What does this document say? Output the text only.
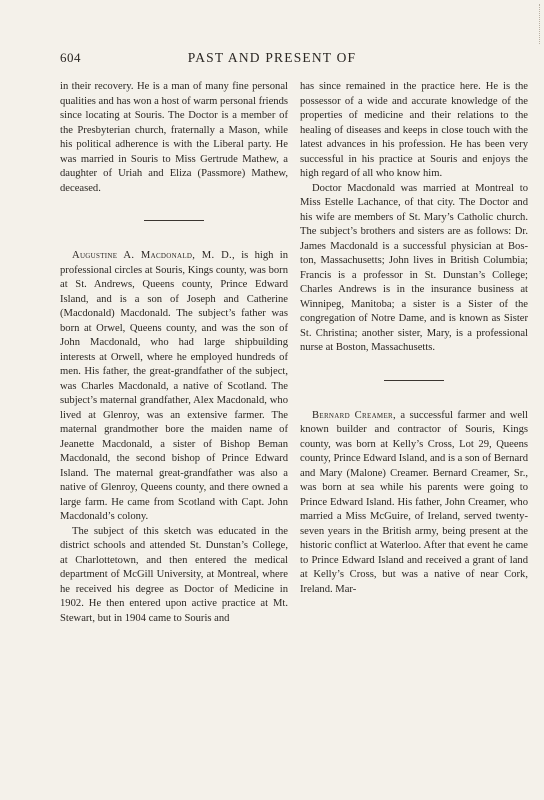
604	PAST AND PRESENT OF

in their recovery. He is a man of many fine personal qualities and has won a host of warm personal friends since locating at Souris. The Doctor is a member of the Presbyterian church, fraternally a Mason, while his political adherence is with the Liberal party. He was married in Souris to Miss Gertrude Mathew, a daughter of Uriah and Eliza (Passmore) Mathew, deceased.

Augustine A. Macdonald, M. D., is high in professional circles at Souris, Kings county, was born at St. Andrews, Queens county, Prince Edward Island, and is a son of Joseph and Catherine (Macdonald) Macdonald. The subject’s father was born at Orwel, Queens county, and was the son of John Macdonald, who had large shipbuilding interests at Orwell, where he employed hundreds of men. His father, the great-grandfather of the subject, was Charles Macdonald, a native of Scotland. The subject’s maternal grandfather, Alex Macdonald, who lived at Glenroy, was an extensive farmer. The maternal grandmother bore the maiden name of Jeanette Macdonald, a sister of Bishop Beman Macdonald, the second bishop of Prince Edward Island. The maternal great-grandfather was also a native of Glenroy, Queens county, and there owned a large farm. He came from Scotland with Capt. John Macdonald’s colony.

The subject of this sketch was educated in the district schools and attended St. Dunstan’s College, at Charlottetown, and then entered the medical department of McGill University, at Montreal, where he received his degree as Doctor of Medicine in 1902. He then entered upon active practice at Mt. Stewart, but in 1904 came to Souris and

has since remained in the practice here. He is the possessor of a wide and accurate knowledge of the properties of medicine and their relations to the healing of diseases and keeps in close touch with the latest advances in his profession. He has been very successful in his practice at Souris and enjoys the high regard of all who know him.

Doctor Macdonald was married at Montreal to Miss Estelle Lachance, of that city. The Doctor and his wife are members of St. Mary’s Catholic church. The subject’s brothers and sisters are as follows: Dr. James Macdonald is a successful physician at Boston, Massachusetts; John lives in British Columbia; Francis is a professor in St. Dunstan’s College; Charles Andrews is in the insurance business at Winnipeg, Manitoba; a sister is a Sister of the congregation of Notre Dame, and is known as Sister St. Christina; another sister, Mary, is a professional nurse at Boston, Massachusetts.

Bernard Creamer, a successful farmer and well known builder and contractor of Souris, Kings county, was born at Kelly’s Cross, Lot 29, Queens county, Prince Edward Island, and is a son of Bernard and Mary (Malone) Creamer. Bernard Creamer, Sr., was born at sea while his parents were going to Prince Edward Island. His father, John Creamer, who married a Miss McGuire, of Ireland, served twenty-seven years in the British army, being present at the historic conflict at Waterloo. After that event he came to Prince Edward Island and received a grant of land at Kelly’s Cross, but was a native of near Cork, Ireland. Mar-
